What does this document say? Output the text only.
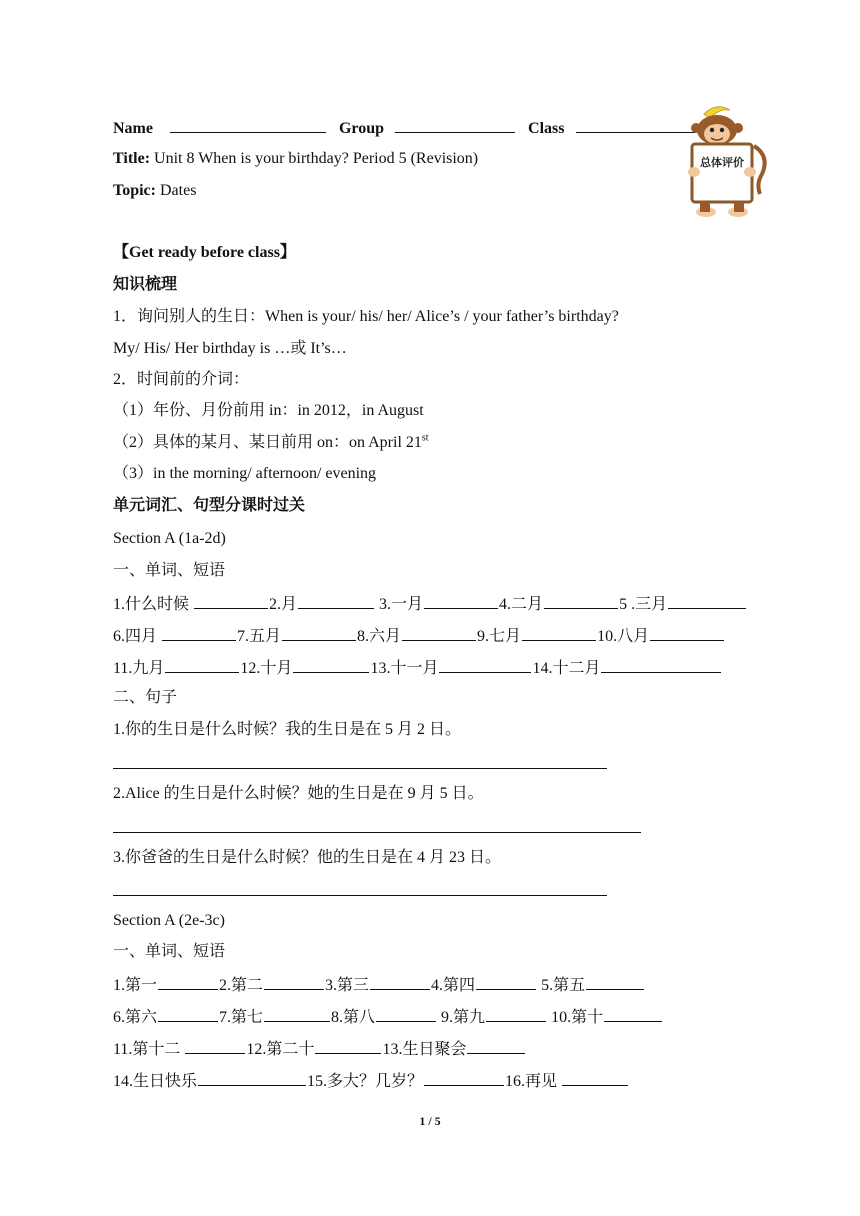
Name	Group	Class
Title: Unit 8 When is your birthday? Period 5 (Revision)
Topic: Dates
总体评价
【Get ready before class】
知识梳理
1．询问别人的生日：When is your/ his/ her/ Alice’s / your father’s birthday?
My/ His/ Her birthday is …或 It’s…
2．时间前的介词：
（1）年份、月份前用 in：in 2012，in August
（2）具体的某月、某日前用 on：on April 21st
（3）in the morning/ afternoon/ evening
单元词汇、句型分课时过关
Section A (1a-2d)
一、单词、短语
1.什么时候	2.月	3.一月	4.二月	5 .三月
6.四月	7.五月	8.六月	9.七月	10.八月
11.九月	12.十月	13.十一月	14.十二月
二、句子
1.你的生日是什么时候？我的生日是在 5 月 2 日。
2.Alice 的生日是什么时候？她的生日是在 9 月 5 日。
3.你爸爸的生日是什么时候？他的生日是在 4 月 23 日。
Section A (2e-3c)
一、单词、短语
1.第一	2.第二	3.第三	4.第四	5.第五
6.第六	7.第七	8.第八	9.第九	10.第十
11.第十二	12.第二十	13.生日聚会
14.生日快乐	15.多大？几岁？	16.再见
1 / 5
